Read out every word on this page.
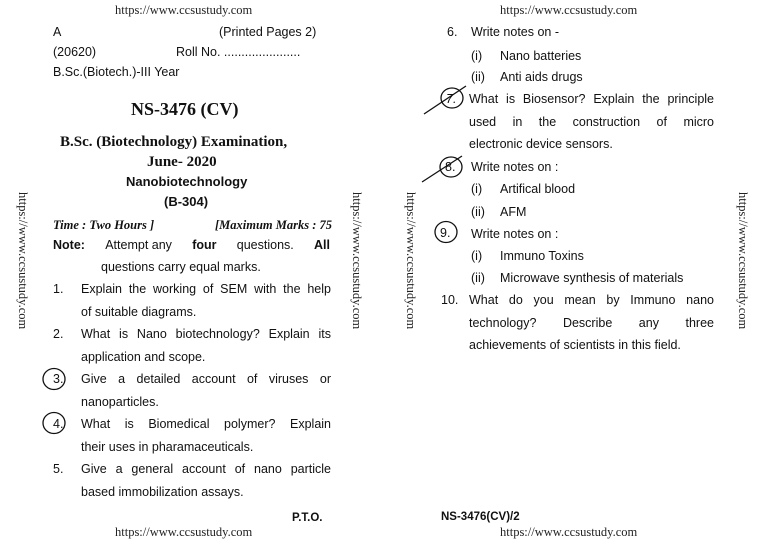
https://www.ccsustudy.com	https://www.ccsustudy.com
https://www.ccsustudy.com	https://www.ccsustudy.com
https://www.ccsustudy.com	https://www.ccsustudy.com	https://www.ccsustudy.com	https://www.ccsustudy.com
A	(Printed Pages 2)
(20620)	Roll No. ......................
B.Sc.(Biotech.)-III Year
NS-3476 (CV)
B.Sc. (Biotechnology) Examination,
June- 2020
Nanobiotechnology
(B-304)
Time : Two Hours ]	[Maximum Marks : 75
Note: Attempt any four questions. All
questions carry equal marks.
1. Explain the working of SEM with the help
of suitable diagrams.
2. What is Nano biotechnology? Explain its
application and scope.
3. Give a detailed account of viruses or
nanoparticles.
4. What is Biomedical polymer? Explain
their uses in pharamaceuticals.
5. Give a general account of nano particle
based immobilization assays.
P.T.O.
6. Write notes on -
(i) Nano batteries
(ii) Anti aids drugs
What is Biosensor? Explain the principle
used in the construction of micro
electronic device sensors.
Write notes on :
(i) Artifical blood
(ii) AFM
Write notes on :
(i) Immuno Toxins
(ii) Microwave synthesis of materials
10. What do you mean by Immuno nano
technology? Describe any three
achievements of scientists in this field.
NS-3476(CV)/2
7.
8.
9.
